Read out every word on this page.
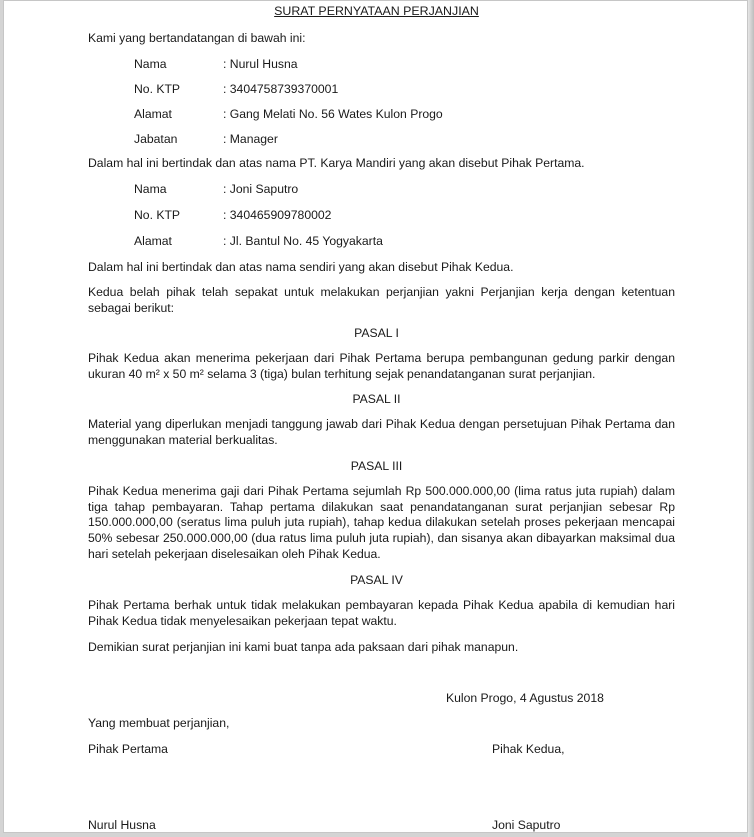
SURAT PERNYATAAN PERJANJIAN
Kami yang bertandatangan di bawah ini:
Nama	: Nurul Husna
No. KTP	: 3404758739370001
Alamat	: Gang Melati No. 56 Wates Kulon Progo
Jabatan	: Manager
Dalam hal ini bertindak dan atas nama PT. Karya Mandiri yang akan disebut Pihak Pertama.
Nama	: Joni Saputro
No. KTP	: 340465909780002
Alamat	: Jl. Bantul No. 45 Yogyakarta
Dalam hal ini bertindak dan atas nama sendiri yang akan disebut Pihak Kedua.
Kedua belah pihak telah sepakat untuk melakukan perjanjian yakni Perjanjian kerja dengan ketentuan sebagai berikut:
PASAL I
Pihak Kedua akan menerima pekerjaan dari Pihak Pertama berupa pembangunan gedung parkir dengan ukuran 40 m² x 50 m² selama 3 (tiga) bulan terhitung sejak penandatanganan surat perjanjian.
PASAL II
Material yang diperlukan menjadi tanggung jawab dari Pihak Kedua dengan persetujuan Pihak Pertama dan menggunakan material berkualitas.
PASAL III
Pihak Kedua menerima gaji dari Pihak Pertama sejumlah Rp 500.000.000,00 (lima ratus juta rupiah) dalam tiga tahap pembayaran. Tahap pertama dilakukan saat penandatanganan surat perjanjian sebesar Rp 150.000.000,00 (seratus lima puluh juta rupiah), tahap kedua dilakukan setelah proses pekerjaan mencapai 50% sebesar 250.000.000,00 (dua ratus lima puluh juta rupiah), dan sisanya akan dibayarkan maksimal dua hari setelah pekerjaan diselesaikan oleh Pihak Kedua.
PASAL IV
Pihak Pertama berhak untuk tidak melakukan pembayaran kepada Pihak Kedua apabila di kemudian hari Pihak Kedua tidak menyelesaikan pekerjaan tepat waktu.
Demikian surat perjanjian ini kami buat tanpa ada paksaan dari pihak manapun.
Kulon Progo, 4 Agustus 2018
Yang membuat perjanjian,
Pihak Pertama	Pihak Kedua,
Nurul Husna	Joni Saputro
